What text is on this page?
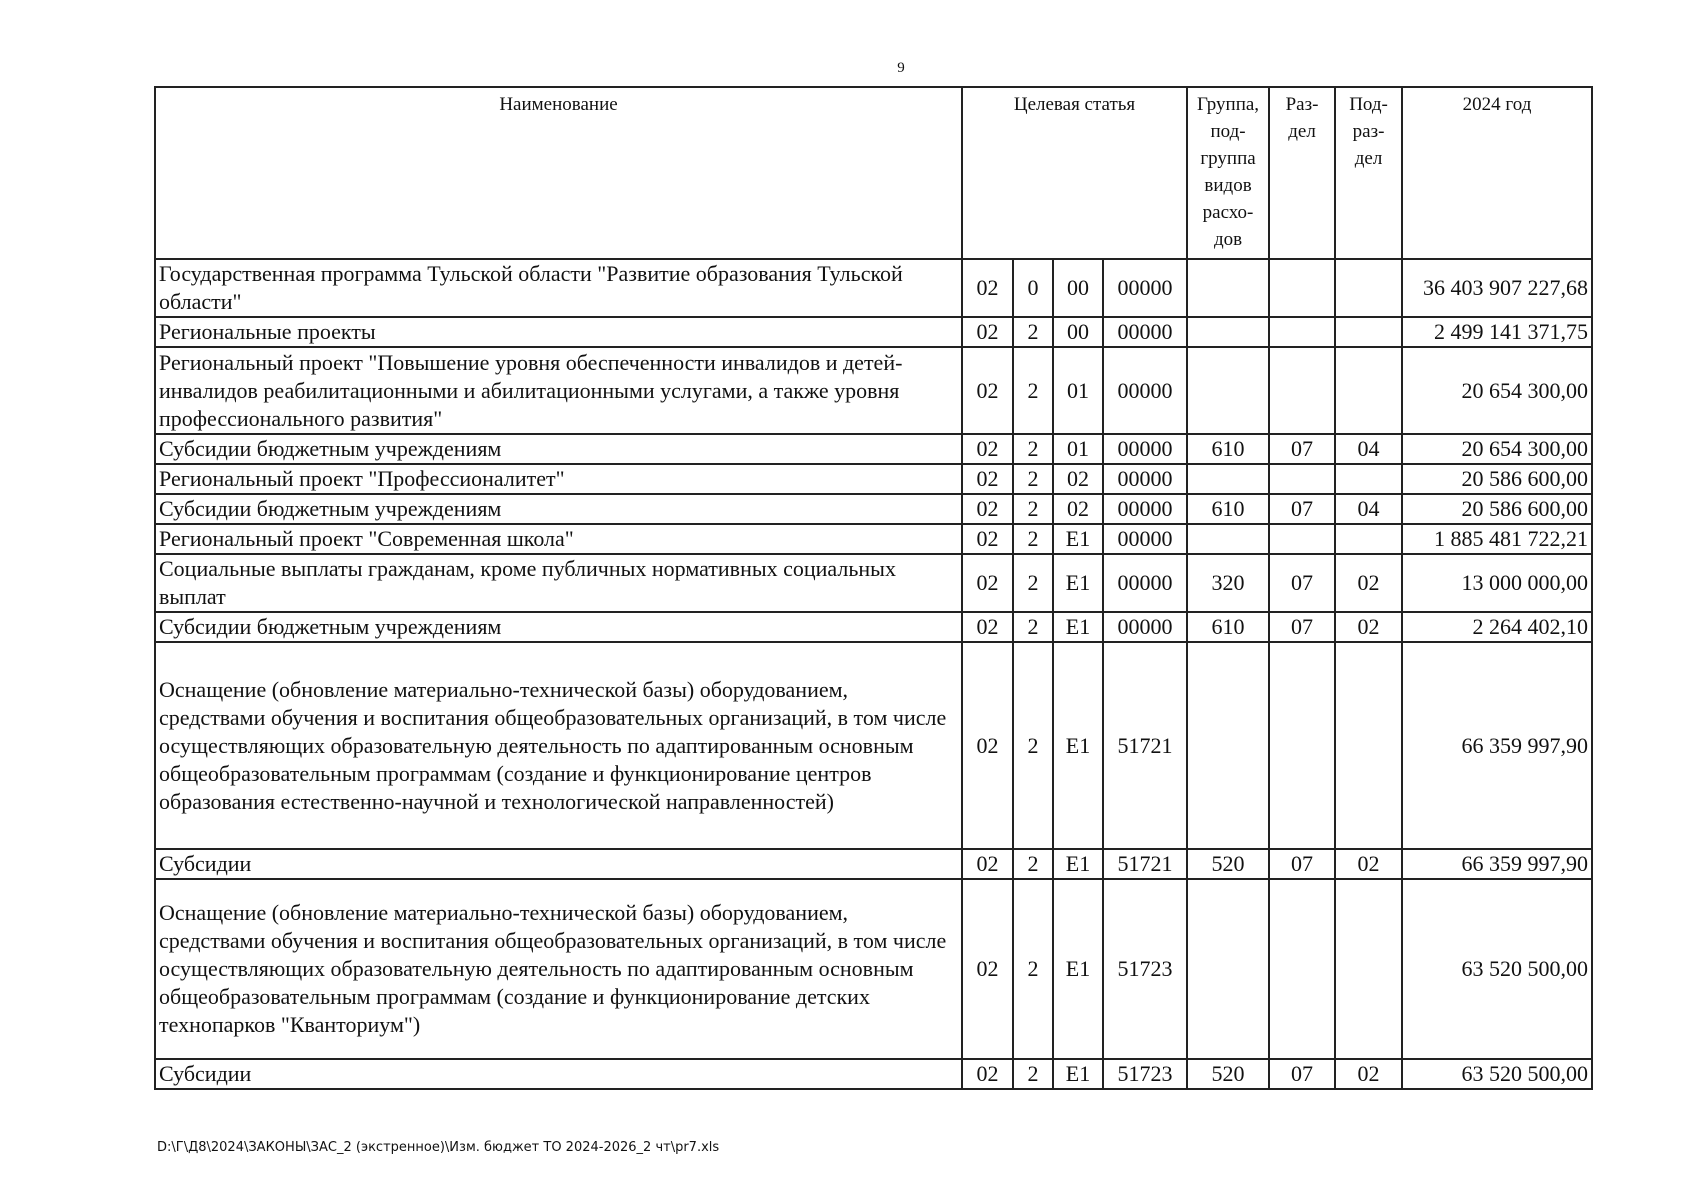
9
Наименование	Целевая статья				Группа, под-группа видов расхо-дов	Раз-дел	Под-раз-дел	2024 год
Государственная программа Тульской области "Развитие образования Тульской области"	02	0	00	00000				36 403 907 227,68
Региональные проекты	02	2	00	00000				2 499 141 371,75
Региональный проект "Повышение уровня обеспеченности инвалидов и детей-инвалидов реабилитационными и абилитационными услугами, а также уровня профессионального развития"	02	2	01	00000				20 654 300,00
Субсидии бюджетным учреждениям	02	2	01	00000	610	07	04	20 654 300,00
Региональный проект "Профессионалитет"	02	2	02	00000				20 586 600,00
Субсидии бюджетным учреждениям	02	2	02	00000	610	07	04	20 586 600,00
Региональный проект "Современная школа"	02	2	E1	00000				1 885 481 722,21
Социальные выплаты гражданам, кроме публичных нормативных социальных выплат	02	2	E1	00000	320	07	02	13 000 000,00
Субсидии бюджетным учреждениям	02	2	E1	00000	610	07	02	2 264 402,10
Оснащение (обновление материально-технической базы) оборудованием, средствами обучения и воспитания общеобразовательных организаций, в том числе осуществляющих образовательную деятельность по адаптированным основным общеобразовательным программам (создание и функционирование центров образования естественно-научной и технологической направленностей)	02	2	E1	51721				66 359 997,90
Субсидии	02	2	E1	51721	520	07	02	66 359 997,90
Оснащение (обновление материально-технической базы) оборудованием, средствами обучения и воспитания общеобразовательных организаций, в том числе осуществляющих образовательную деятельность по адаптированным основным общеобразовательным программам (создание и функционирование детских технопарков "Кванториум")	02	2	E1	51723				63 520 500,00
Субсидии	02	2	E1	51723	520	07	02	63 520 500,00
D:\Г\Д8\2024\ЗАКОНЫ\ЗАС_2 (экстренное)\Изм. бюджет ТО 2024-2026_2 чт\pr7.xls
